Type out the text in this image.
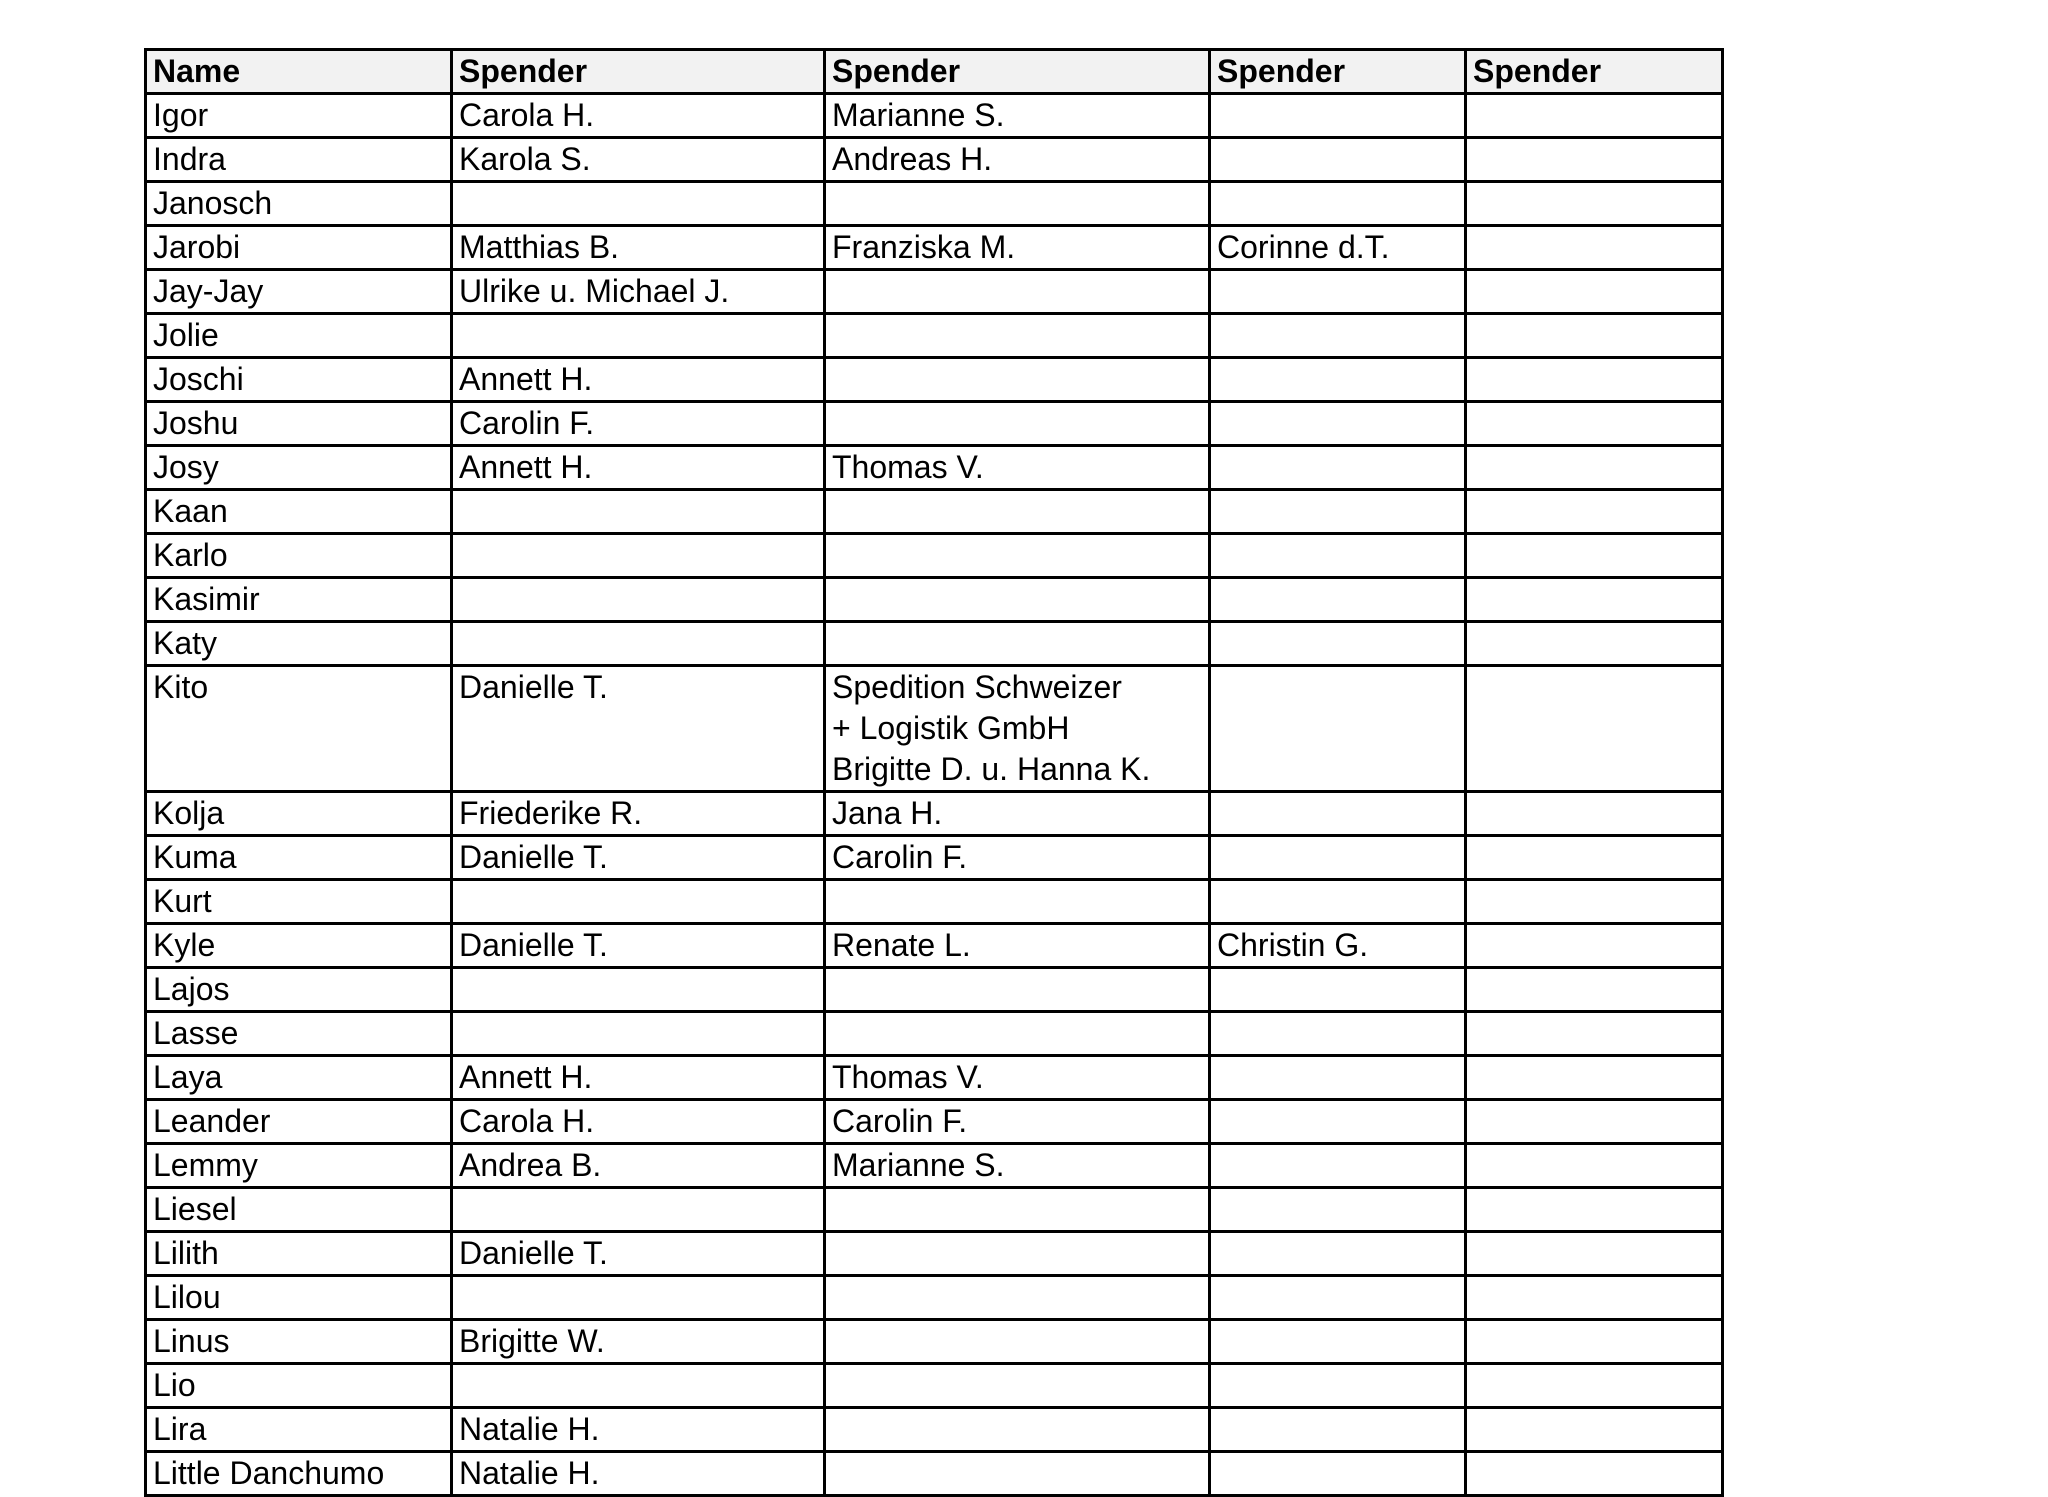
Name	Spender	Spender	Spender	Spender

Igor	Carola H.	Marianne S.		

Indra	Karola S.	Andreas H.		

Janosch				

Jarobi	Matthias B.	Franziska M.	Corinne d.T.	

Jay-Jay	Ulrike u. Michael J.			

Jolie				

Joschi	Annett H.			

Joshu	Carolin F.			

Josy	Annett H.	Thomas V.		

Kaan				

Karlo				

Kasimir				

Katy				

Kito	Danielle T.	Spedition Schweizer
+ Logistik GmbH
Brigitte D. u. Hanna K.		

Kolja	Friederike R.	Jana H.		

Kuma	Danielle T.	Carolin F.		

Kurt				

Kyle	Danielle T.	Renate L.	Christin G.	

Lajos				

Lasse				

Laya	Annett H.	Thomas V.		

Leander	Carola H.	Carolin F.		

Lemmy	Andrea B.	Marianne S.		

Liesel				

Lilith	Danielle T.			

Lilou				

Linus	Brigitte W.			

Lio				

Lira	Natalie H.			

Little Danchumo	Natalie H.			
